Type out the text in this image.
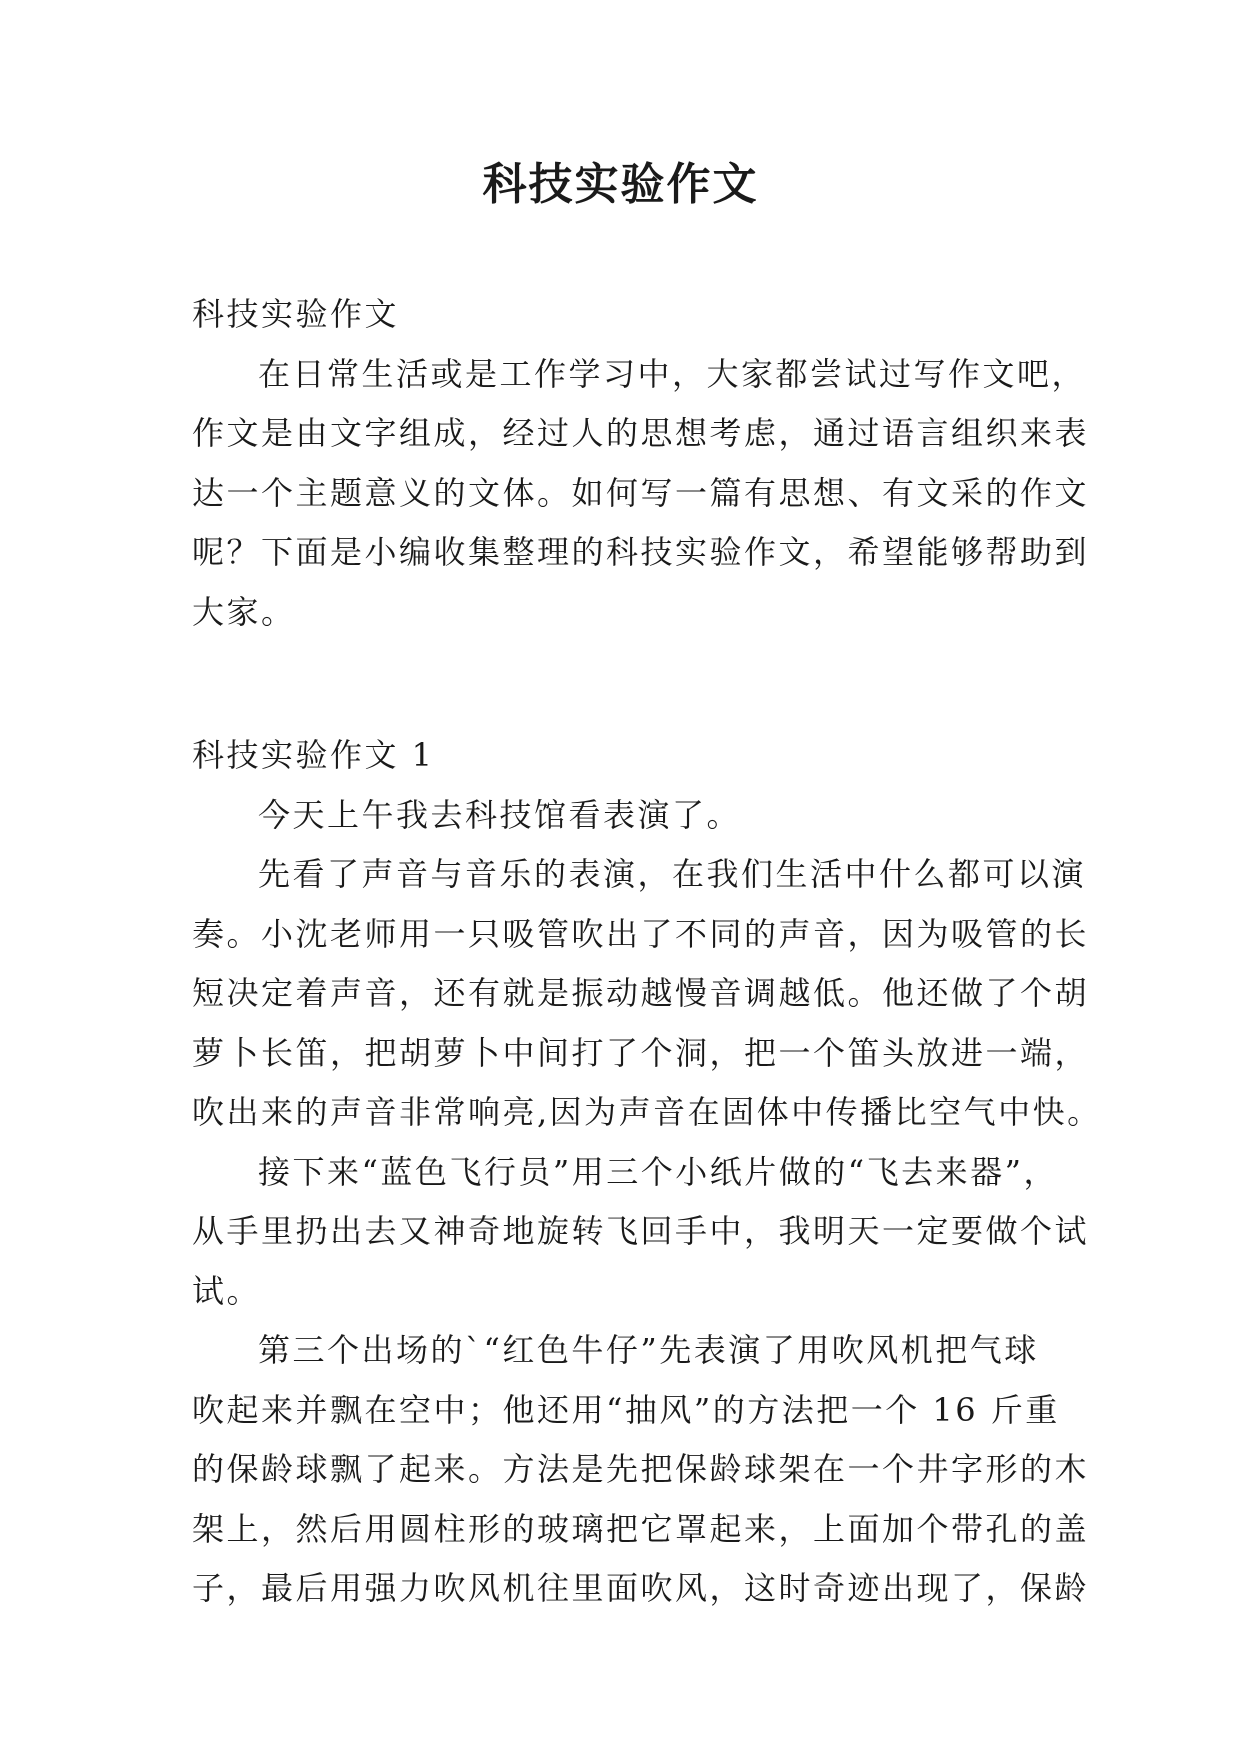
科技实验作文
科技实验作文
在日常生活或是工作学习中，大家都尝试过写作文吧，
作文是由文字组成，经过人的思想考虑，通过语言组织来表
达一个主题意义的文体。如何写一篇有思想、有文采的作文
呢？下面是小编收集整理的科技实验作文，希望能够帮助到
大家。
科技实验作文 1
今天上午我去科技馆看表演了。
先看了声音与音乐的表演，在我们生活中什么都可以演
奏。小沈老师用一只吸管吹出了不同的声音，因为吸管的长
短决定着声音，还有就是振动越慢音调越低。他还做了个胡
萝卜长笛，把胡萝卜中间打了个洞，把一个笛头放进一端，
吹出来的声音非常响亮,因为声音在固体中传播比空气中快。
接下来“蓝色飞行员”用三个小纸片做的“飞去来器”，
从手里扔出去又神奇地旋转飞回手中，我明天一定要做个试
试。
第三个出场的`“红色牛仔”先表演了用吹风机把气球
吹起来并飘在空中；他还用“抽风”的方法把一个 16 斤重
的保龄球飘了起来。方法是先把保龄球架在一个井字形的木
架上，然后用圆柱形的玻璃把它罩起来，上面加个带孔的盖
子，最后用强力吹风机往里面吹风，这时奇迹出现了，保龄
